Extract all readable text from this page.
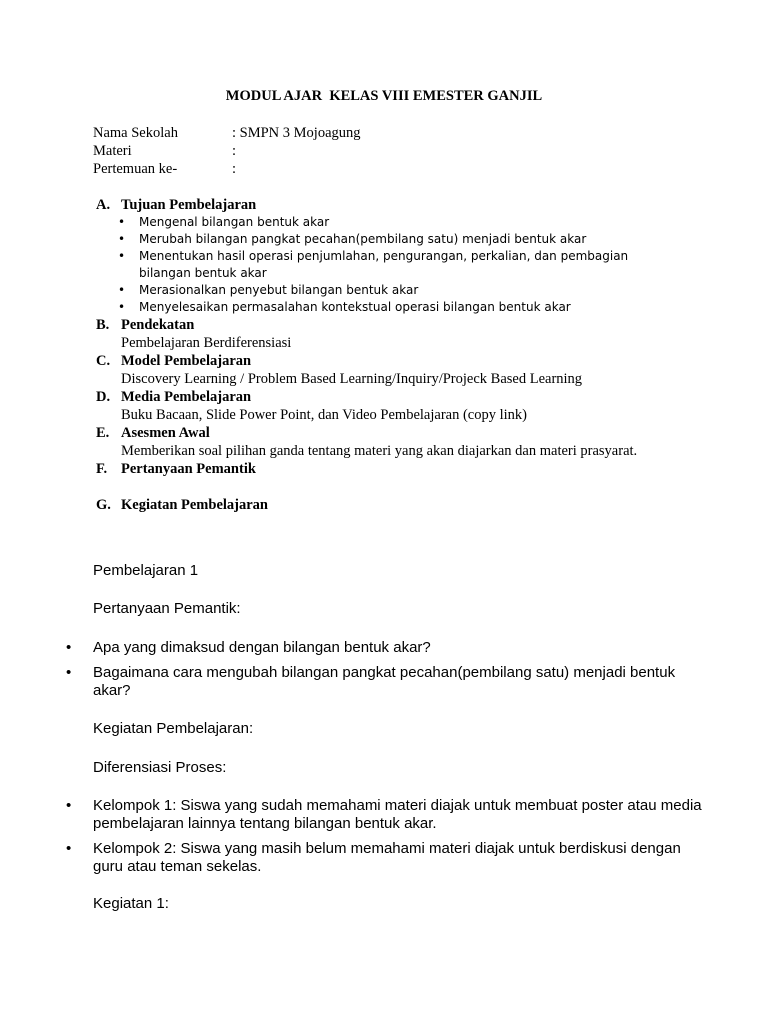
MODUL AJAR  KELAS VIII EMESTER GANJIL
Nama Sekolah	: SMPN 3 Mojoagung
Materi	:
Pertemuan ke-	:
A. Tujuan Pembelajaran
• Mengenal bilangan bentuk akar
• Merubah bilangan pangkat pecahan(pembilang satu) menjadi bentuk akar
• Menentukan hasil operasi penjumlahan, pengurangan, perkalian, dan pembagian bilangan bentuk akar
• Merasionalkan penyebut bilangan bentuk akar
• Menyelesaikan permasalahan kontekstual operasi bilangan bentuk akar
B. Pendekatan
Pembelajaran Berdiferensiasi
C. Model Pembelajaran
Discovery Learning / Problem Based Learning/Inquiry/Projeck Based Learning
D. Media Pembelajaran
Buku Bacaan, Slide Power Point, dan Video Pembelajaran (copy link)
E. Asesmen Awal
Memberikan soal pilihan ganda tentang materi yang akan diajarkan dan materi prasyarat.
F. Pertanyaan Pemantik
G. Kegiatan Pembelajaran
Pembelajaran 1
Pertanyaan Pemantik:
• Apa yang dimaksud dengan bilangan bentuk akar?
• Bagaimana cara mengubah bilangan pangkat pecahan(pembilang satu) menjadi bentuk akar?
Kegiatan Pembelajaran:
Diferensiasi Proses:
• Kelompok 1: Siswa yang sudah memahami materi diajak untuk membuat poster atau media pembelajaran lainnya tentang bilangan bentuk akar.
• Kelompok 2: Siswa yang masih belum memahami materi diajak untuk berdiskusi dengan guru atau teman sekelas.
Kegiatan 1:
